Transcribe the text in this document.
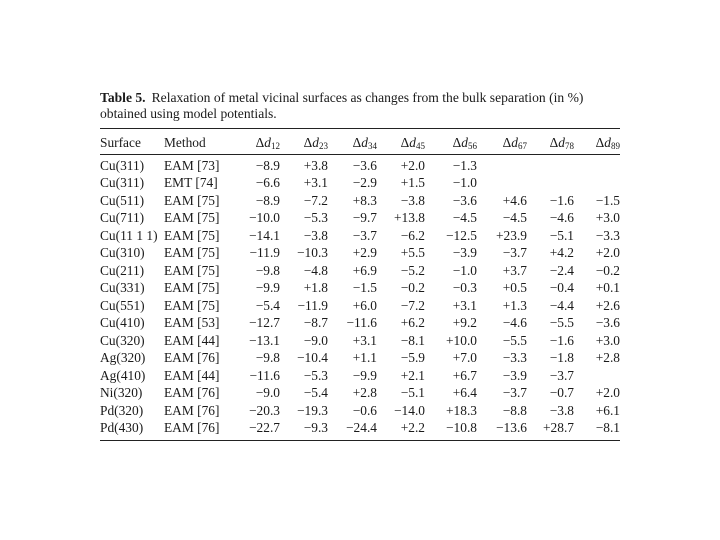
Table 5. Relaxation of metal vicinal surfaces as changes from the bulk separation (in %) obtained using model potentials.
Surface	Method	$\Delta d_{12}$	$\Delta d_{23}$	$\Delta d_{34}$	$\Delta d_{45}$	$\Delta d_{56}$	$\Delta d_{67}$	$\Delta d_{78}$	$\Delta d_{89}$
Cu(311)	EAM [73]	−8.9	+3.8	−3.6	+2.0	−1.3			
Cu(311)	EMT [74]	−6.6	+3.1	−2.9	+1.5	−1.0			
Cu(511)	EAM [75]	−8.9	−7.2	+8.3	−3.8	−3.6	+4.6	−1.6	−1.5
Cu(711)	EAM [75]	−10.0	−5.3	−9.7	+13.8	−4.5	−4.5	−4.6	+3.0
Cu(11 1 1)	EAM [75]	−14.1	−3.8	−3.7	−6.2	−12.5	+23.9	−5.1	−3.3
Cu(310)	EAM [75]	−11.9	−10.3	+2.9	+5.5	−3.9	−3.7	+4.2	+2.0
Cu(211)	EAM [75]	−9.8	−4.8	+6.9	−5.2	−1.0	+3.7	−2.4	−0.2
Cu(331)	EAM [75]	−9.9	+1.8	−1.5	−0.2	−0.3	+0.5	−0.4	+0.1
Cu(551)	EAM [75]	−5.4	−11.9	+6.0	−7.2	+3.1	+1.3	−4.4	+2.6
Cu(410)	EAM [53]	−12.7	−8.7	−11.6	+6.2	+9.2	−4.6	−5.5	−3.6
Cu(320)	EAM [44]	−13.1	−9.0	+3.1	−8.1	+10.0	−5.5	−1.6	+3.0
Ag(320)	EAM [76]	−9.8	−10.4	+1.1	−5.9	+7.0	−3.3	−1.8	+2.8
Ag(410)	EAM [44]	−11.6	−5.3	−9.9	+2.1	+6.7	−3.9	−3.7	
Ni(320)	EAM [76]	−9.0	−5.4	+2.8	−5.1	+6.4	−3.7	−0.7	+2.0
Pd(320)	EAM [76]	−20.3	−19.3	−0.6	−14.0	+18.3	−8.8	−3.8	+6.1
Pd(430)	EAM [76]	−22.7	−9.3	−24.4	+2.2	−10.8	−13.6	+28.7	−8.1
